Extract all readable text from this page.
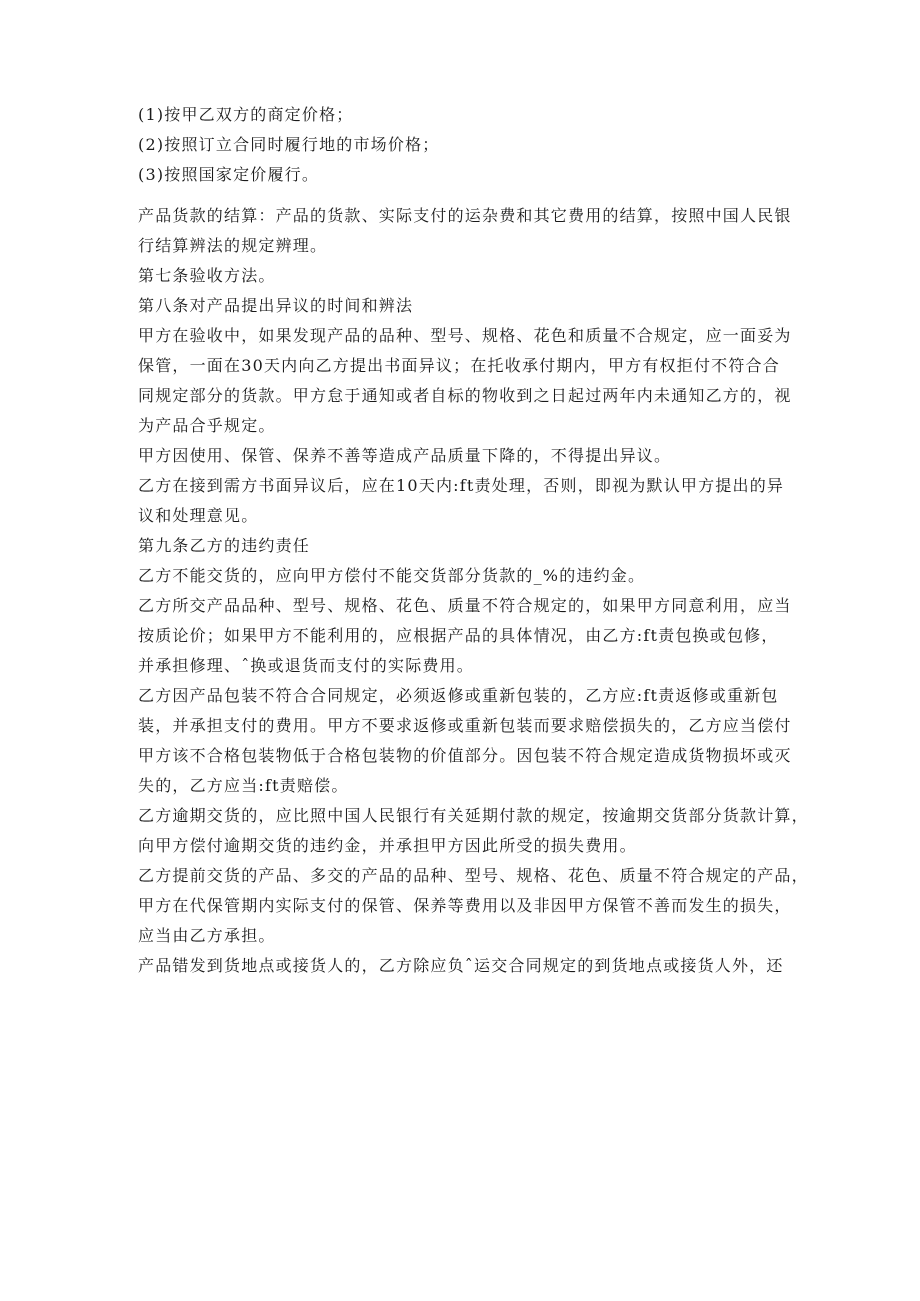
(1)按甲乙双方的商定价格；
(2)按照订立合同时履行地的市场价格；
(3)按照国家定价履行。
产品货款的结算：产品的货款、实际支付的运杂费和其它费用的结算，按照中国人民银
行结算辨法的规定辨理。
第七条验收方法。
第八条对产品提出异议的时间和辨法
甲方在验收中，如果发现产品的品种、型号、规格、花色和质量不合规定，应一面妥为
保管，一面在30天内向乙方提出书面异议；在托收承付期内，甲方有权拒付不符合合
同规定部分的货款。甲方怠于通知或者自标的物收到之日起过两年内未通知乙方的，视
为产品合乎规定。
甲方因使用、保管、保养不善等造成产品质量下降的，不得提出异议。
乙方在接到需方书面异议后，应在10天内:ft责处理，否则，即视为默认甲方提出的异
议和处理意见。
第九条乙方的违约责任
乙方不能交货的，应向甲方偿付不能交货部分货款的_%的违约金。
乙方所交产品品种、型号、规格、花色、质量不符合规定的，如果甲方同意利用，应当
按质论价；如果甲方不能利用的，应根据产品的具体情况，由乙方:ft责包换或包修，
并承担修理、ˆ换或退货而支付的实际费用。
乙方因产品包装不符合合同规定，必须返修或重新包装的，乙方应:ft责返修或重新包
装，并承担支付的费用。甲方不要求返修或重新包装而要求赔偿损失的，乙方应当偿付
甲方该不合格包装物低于合格包装物的价值部分。因包装不符合规定造成货物损坏或灭
失的，乙方应当:ft责赔偿。
乙方逾期交货的，应比照中国人民银行有关延期付款的规定，按逾期交货部分货款计算，
向甲方偿付逾期交货的违约金，并承担甲方因此所受的损失费用。
乙方提前交货的产品、多交的产品的品种、型号、规格、花色、质量不符合规定的产品，
甲方在代保管期内实际支付的保管、保养等费用以及非因甲方保管不善而发生的损失，
应当由乙方承担。
产品错发到货地点或接货人的，乙方除应负ˆ运交合同规定的到货地点或接货人外，还
